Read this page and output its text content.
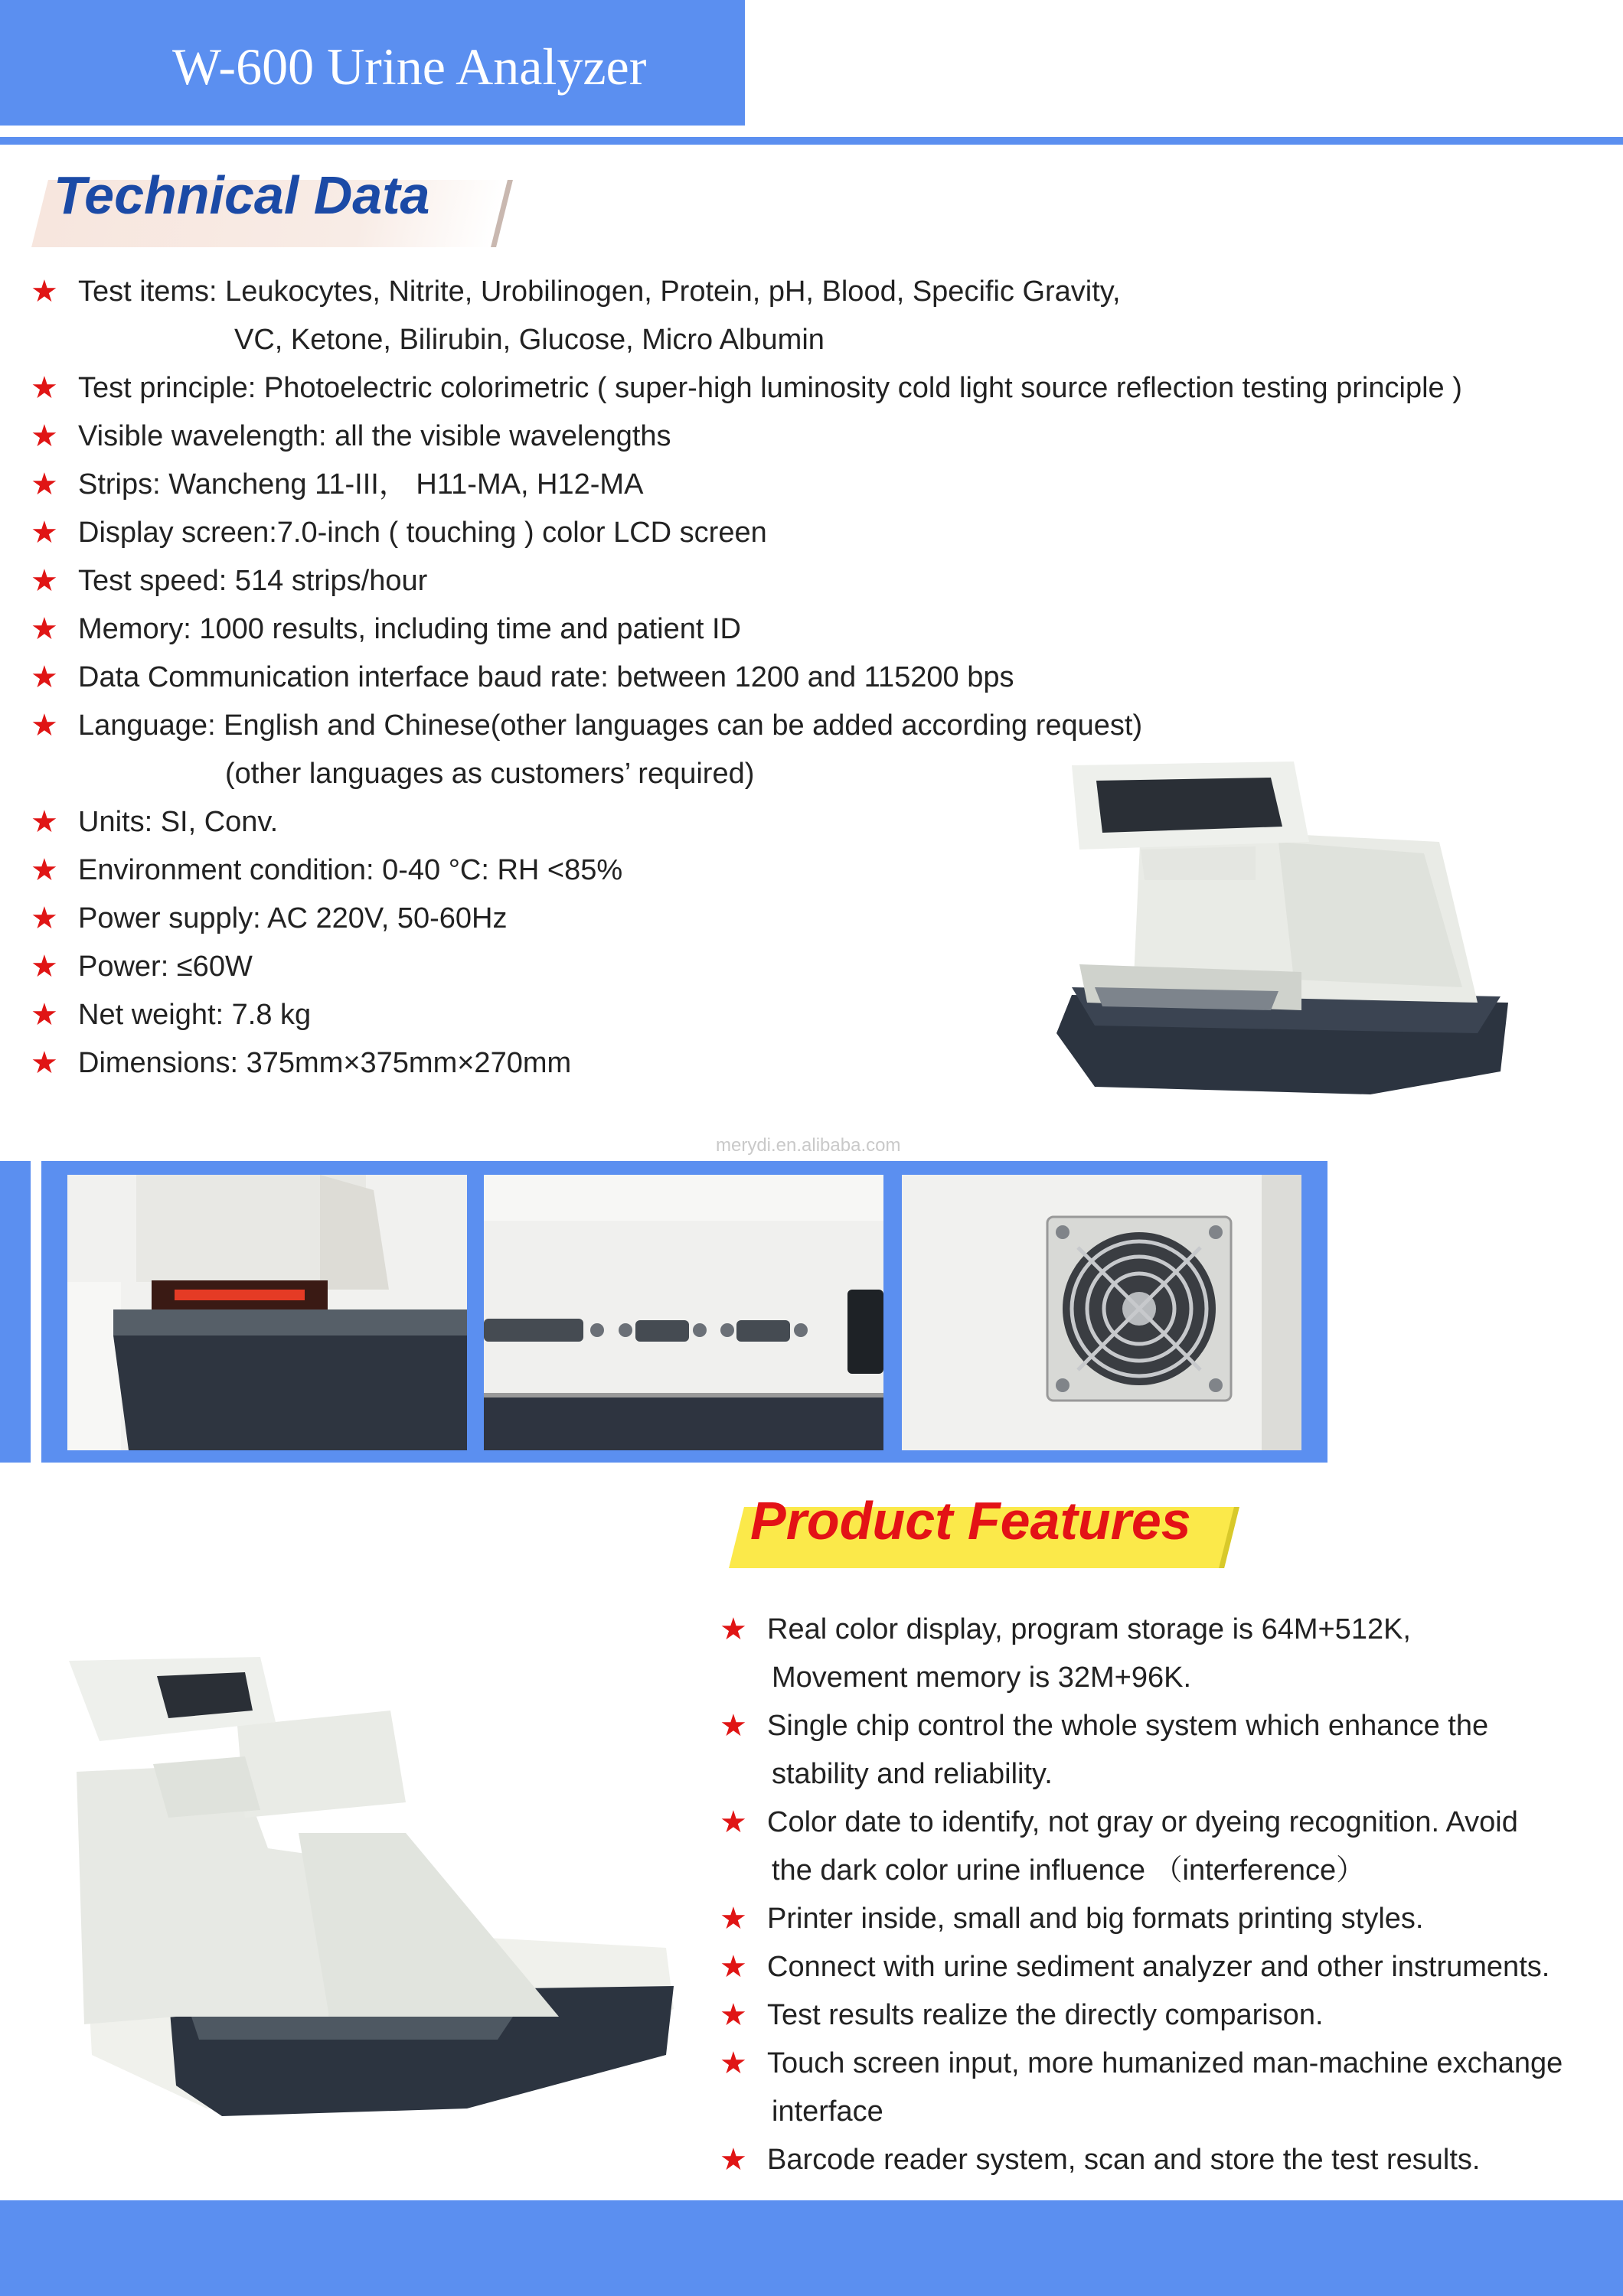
W-600 Urine Analyzer
Technical Data
★ Test items: Leukocytes, Nitrite, Urobilinogen, Protein, pH, Blood, Specific Gravity,
VC, Ketone, Bilirubin, Glucose, Micro Albumin
★ Test principle: Photoelectric colorimetric ( super-high luminosity cold light source reflection testing principle )
★ Visible wavelength: all the visible wavelengths
★ Strips: Wancheng 11-III， H11-MA, H12-MA
★ Display screen:7.0-inch ( touching ) color LCD screen
★ Test speed: 514 strips/hour
★ Memory: 1000 results, including time and patient ID
★ Data Communication interface baud rate: between 1200 and 115200 bps
★ Language: English and Chinese(other languages can be added according request)
(other languages as customers’ required)
★ Units: SI, Conv.
★ Environment condition: 0-40 °C: RH <85%
★ Power supply: AC 220V, 50-60Hz
★ Power: ≤60W
★ Net weight: 7.8 kg
★ Dimensions: 375mm×375mm×270mm
merydi.en.alibaba.com
Product Features
★ Real color display, program storage is 64M+512K,
Movement memory is 32M+96K.
★ Single chip control the whole system which enhance the
stability and reliability.
★ Color date to identify, not gray or dyeing recognition. Avoid
the dark color urine influence （interference）
★ Printer inside, small and big formats printing styles.
★ Connect with urine sediment analyzer and other instruments.
★ Test results realize the directly comparison.
★ Touch screen input, more humanized man-machine exchange
interface
★ Barcode reader system, scan and store the test results.
